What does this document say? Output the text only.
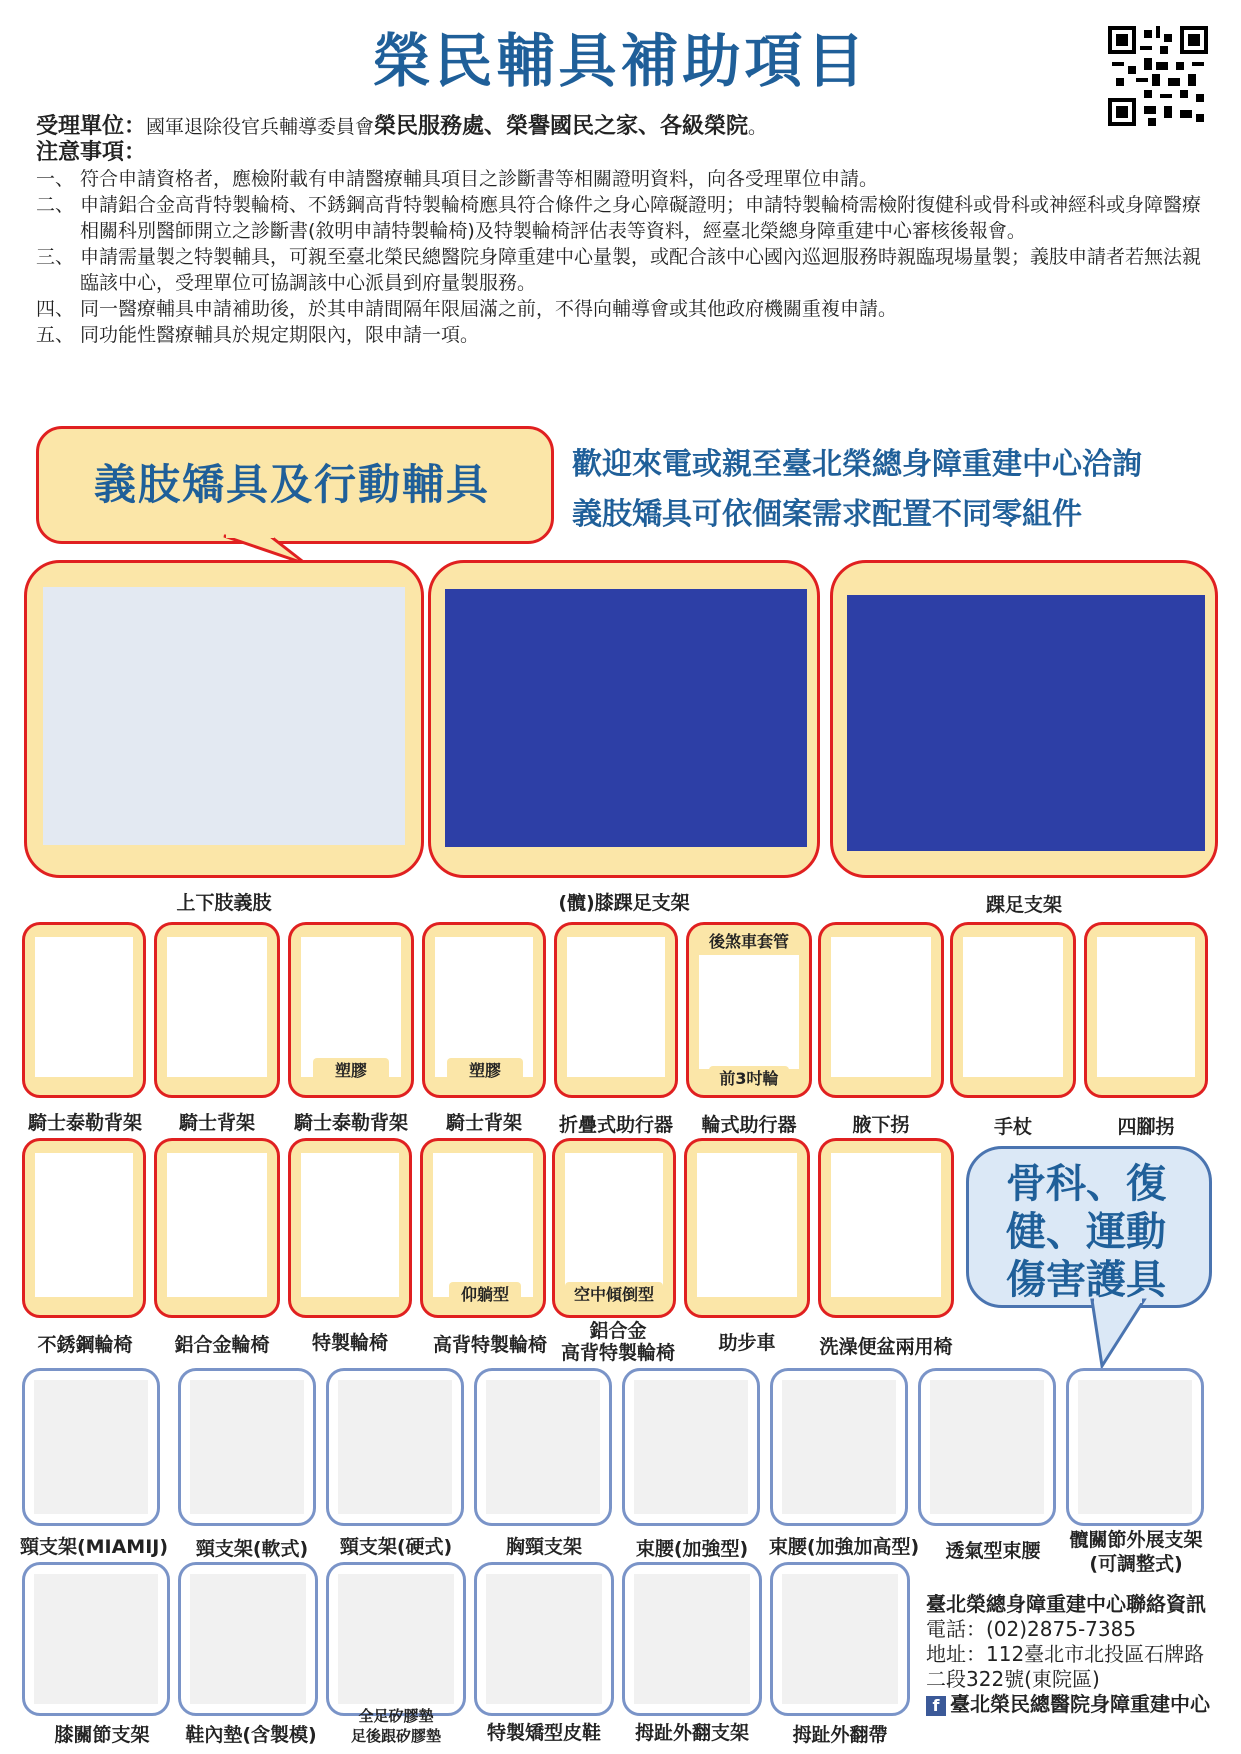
榮民輔具補助項目
受理單位：國軍退除役官兵輔導委員會榮民服務處、榮譽國民之家、各級榮院。
注意事項：
一、 符合申請資格者，應檢附載有申請醫療輔具項目之診斷書等相關證明資料，向各受理單位申請。
二、 申請鋁合金高背特製輪椅、不銹鋼高背特製輪椅應具符合條件之身心障礙證明；申請特製輪椅需檢附復健科或骨科或神經科或身障醫療相關科別醫師開立之診斷書(敘明申請特製輪椅)及特製輪椅評估表等資料，經臺北榮總身障重建中心審核後報會。
三、 申請需量製之特製輔具，可親至臺北榮民總醫院身障重建中心量製，或配合該中心國內巡迴服務時親臨現場量製；義肢申請者若無法親臨該中心，受理單位可協調該中心派員到府量製服務。
四、 同一醫療輔具申請補助後，於其申請間隔年限屆滿之前，不得向輔導會或其他政府機關重複申請。
五、 同功能性醫療輔具於規定期限內，限申請一項。
義肢矯具及行動輔具	歡迎來電或親至臺北榮總身障重建中心洽詢
義肢矯具可依個案需求配置不同零組件
上下肢義肢	(髖)膝踝足支架	踝足支架
塑膠	塑膠
後煞車套管
前3吋輪
騎士泰勒背架	騎士背架	騎士泰勒背架	騎士背架	折疊式助行器	輪式助行器	腋下拐	手杖	四腳拐
仰躺型	空中傾倒型
不銹鋼輪椅	鋁合金輪椅	特製輪椅	高背特製輪椅
鋁合金
高背特製輪椅	助步車	洗澡便盆兩用椅
骨科、復
健、運動
傷害護具
頸支架(MIAMIJ)	頸支架(軟式)	頸支架(硬式)	胸頸支架	束腰(加強型)	束腰(加強加高型)	透氣型束腰	髖關節外展支架
(可調整式)
膝關節支架	鞋內墊(含製模)
全足矽膠墊
足後跟矽膠墊	特製矯型皮鞋	拇趾外翻支架	拇趾外翻帶
臺北榮總身障重建中心聯絡資訊
電話：(02)2875-7385
地址：112臺北市北投區石牌路
二段322號(東院區)
f 臺北榮民總醫院身障重建中心
